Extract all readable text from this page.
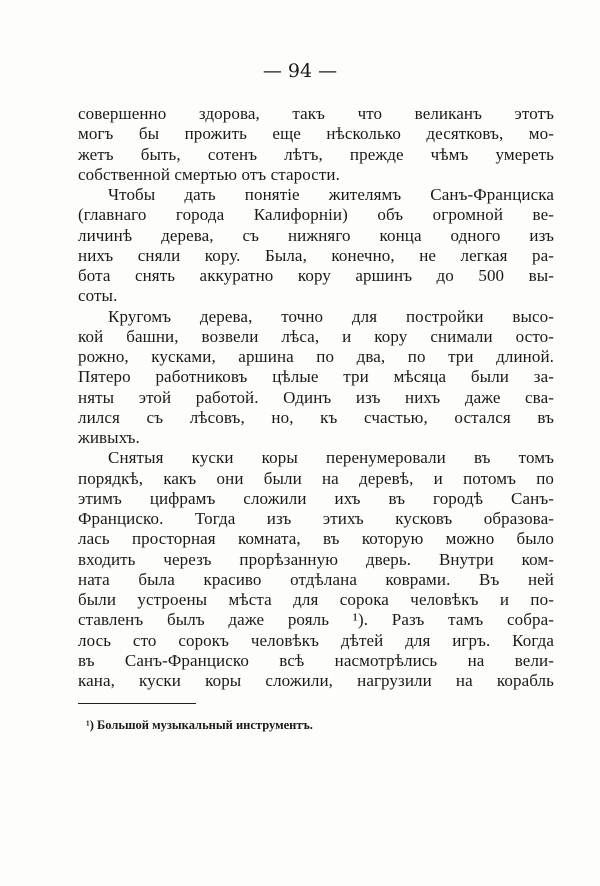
— 94 —
совершенно здорова, такъ что великанъ этотъ
могъ бы прожить еще нѣсколько десятковъ, мо-
жетъ быть, сотенъ лѣтъ, прежде чѣмъ умереть
собственной смертью отъ старости.
Чтобы дать понятіе жителямъ Санъ-Франциска
(главнаго города Калифорніи) объ огромной ве-
личинѣ дерева, съ нижняго конца одного изъ
нихъ сняли кору. Была, конечно, не легкая ра-
бота снять аккуратно кору аршинъ до 500 вы-
соты.
Кругомъ дерева, точно для постройки высо-
кой башни, возвели лѣса, и кору снимали осто-
рожно, кусками, аршина по два, по три длиной.
Пятеро работниковъ цѣлые три мѣсяца были за-
няты этой работой. Одинъ изъ нихъ даже сва-
лился съ лѣсовъ, но, къ счастью, остался въ
живыхъ.
Снятыя куски коры перенумеровали въ томъ
порядкѣ, какъ они были на деревѣ, и потомъ по
этимъ цифрамъ сложили ихъ въ городѣ Санъ-
Франциско. Тогда изъ этихъ кусковъ образова-
лась просторная комната, въ которую можно было
входить черезъ прорѣзанную дверь. Внутри ком-
ната была красиво отдѣлана коврами. Въ ней
были устроены мѣста для сорока человѣкъ и по-
ставленъ былъ даже рояль ¹). Разъ тамъ собра-
лось сто сорокъ человѣкъ дѣтей для игръ. Когда
въ Санъ-Франциско всѣ насмотрѣлись на вели-
кана, куски коры сложили, нагрузили на корабль
¹) Большой музыкальный инструментъ.
